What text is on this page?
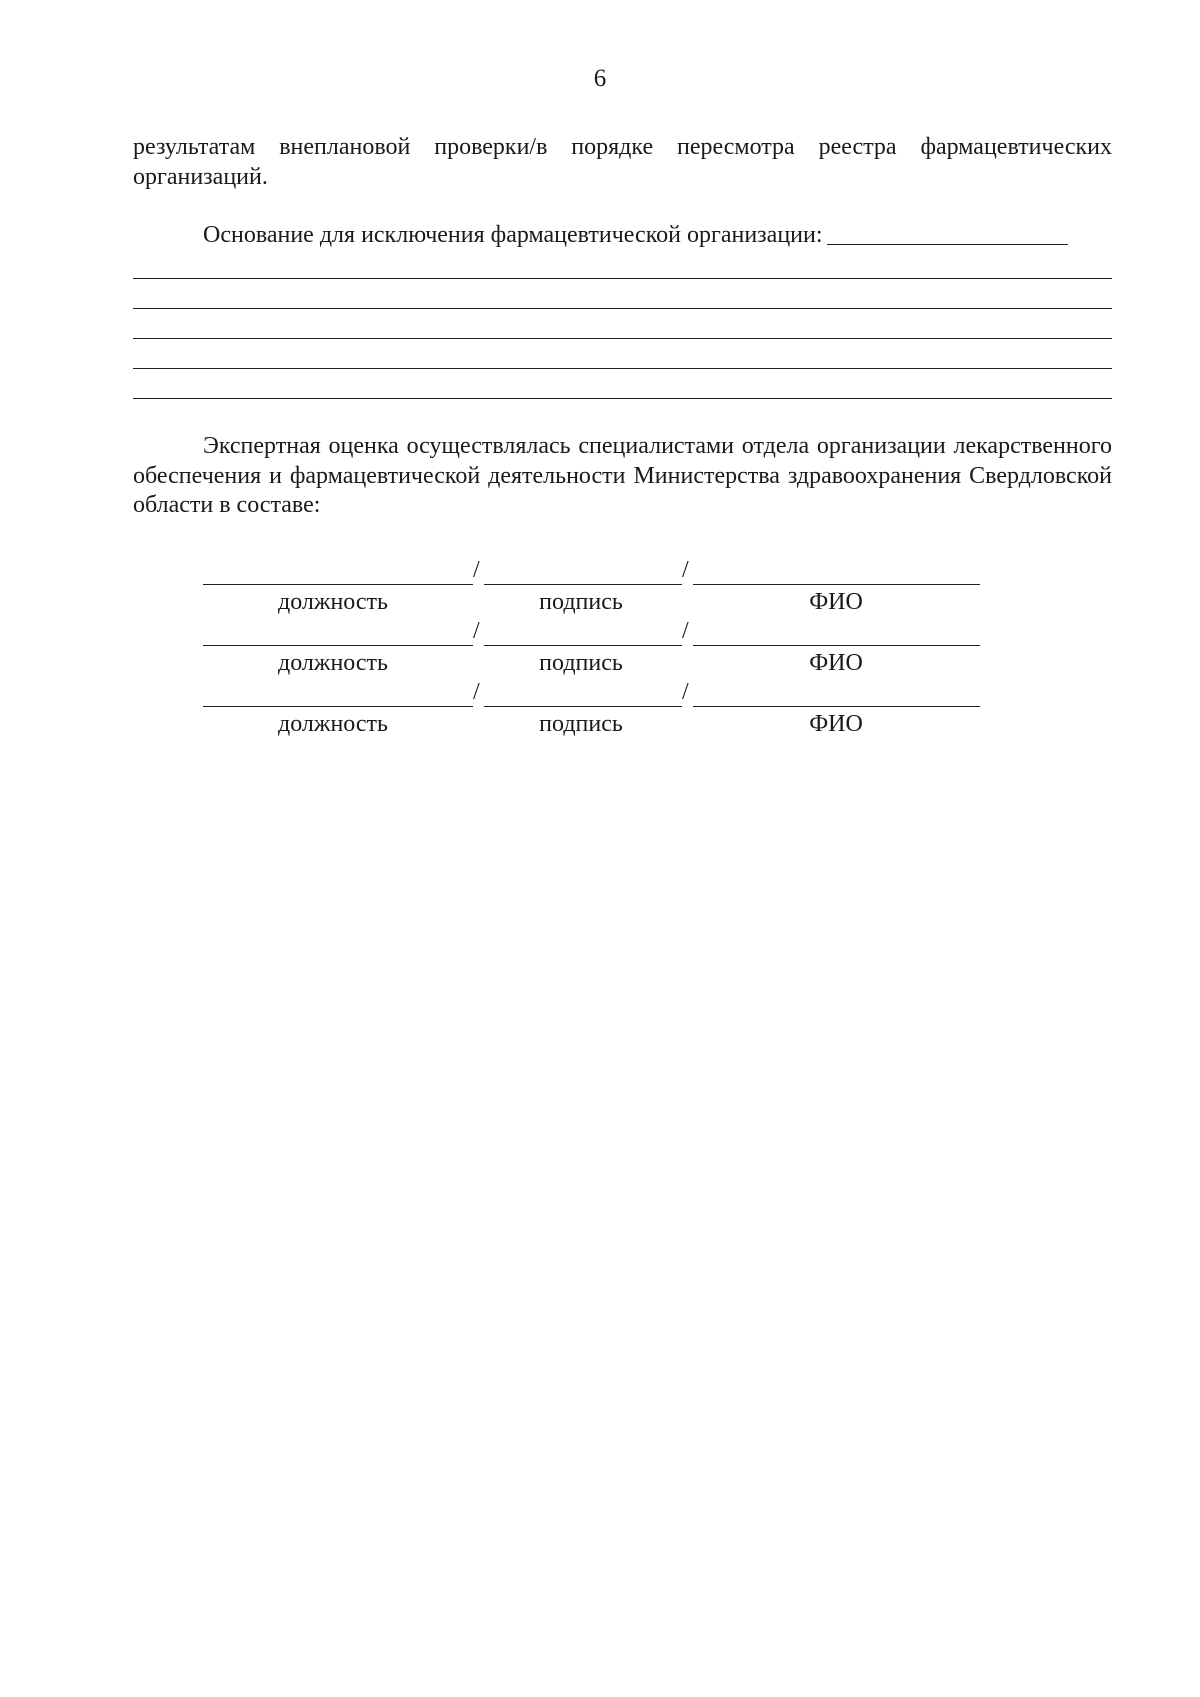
6

результатам внеплановой проверки/в порядке пересмотра реестра фармацевтических организаций.

Основание для исключения фармацевтической организации:

Экспертная оценка осуществлялась специалистами отдела организации лекарственного обеспечения и фармацевтической деятельности Министерства здравоохранения Свердловской области в составе:

/	/
должность	подпись	ФИО
/	/
должность	подпись	ФИО
/	/
должность	подпись	ФИО
